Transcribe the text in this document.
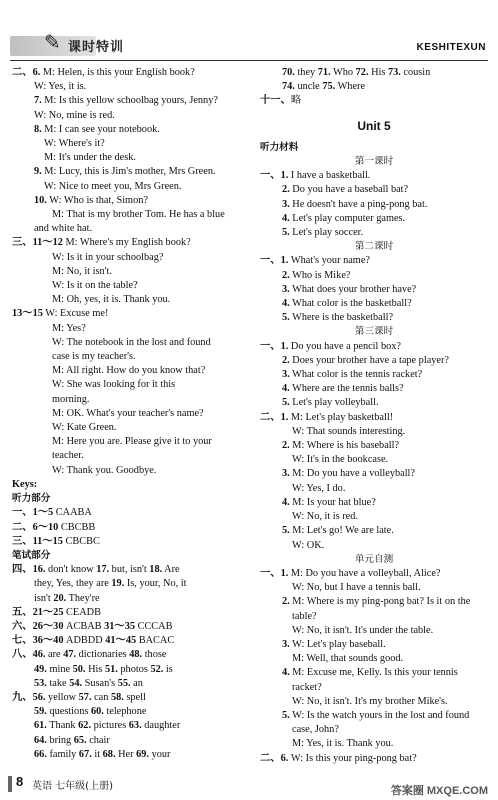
✎ 课时特训	KESHITEXUN
二、6. M: Helen, is this your English book?
W: Yes, it is.
7. M: Is this yellow schoolbag yours, Jenny?
W: No, mine is red.
8. M: I can see your notebook.
W: Where's it?
M: It's under the desk.
9. M: Lucy, this is Jim's mother, Mrs Green.
W: Nice to meet you, Mrs Green.
10. W: Who is that, Simon?
M: That is my brother Tom. He has a blue
and white hat.
三、11～12 M: Where's my English book?
W: Is it in your schoolbag?
M: No, it isn't.
W: Is it on the table?
M: Oh, yes, it is. Thank you.
13～15 W: Excuse me!
M: Yes?
W: The notebook in the lost and found
case is my teacher's.
M: All right. How do you know that?
W: She was looking for it this
morning.
M: OK. What's your teacher's name?
W: Kate Green.
M: Here you are. Please give it to your
teacher.
W: Thank you. Goodbye.
Keys:
听力部分
一、1～5 CAABA
二、6～10 CBCBB
三、11～15 CBCBC
笔试部分
四、16. don't know 17. but, isn't 18. Are
they, Yes, they are 19. Is, your, No, it
isn't 20. They're
五、21～25 CEADB
六、26～30 ACBAB 31～35 CCCAB
七、36～40 ADBDD 41～45 BACAC
八、46. are 47. dictionaries 48. those
49. mine 50. His 51. photos 52. is
53. take 54. Susan's 55. an
九、56. yellow 57. can 58. spell
59. questions 60. telephone
61. Thank 62. pictures 63. daughter
64. bring 65. chair
66. family 67. it 68. Her 69. your
70. they 71. Who 72. His 73. cousin
74. uncle 75. Where
十一、略
Unit 5
听力材料
第一课时
一、1. I have a basketball.
2. Do you have a baseball bat?
3. He doesn't have a ping-pong bat.
4. Let's play computer games.
5. Let's play soccer.
第二课时
一、1. What's your name?
2. Who is Mike?
3. What does your brother have?
4. What color is the basketball?
5. Where is the basketball?
第三课时
一、1. Do you have a pencil box?
2. Does your brother have a tape player?
3. What color is the tennis racket?
4. Where are the tennis balls?
5. Let's play volleyball.
二、1. M: Let's play basketball!
W: That sounds interesting.
2. M: Where is his baseball?
W: It's in the bookcase.
3. M: Do you have a volleyball?
W: Yes, I do.
4. M: Is your hat blue?
W: No, it is red.
5. M: Let's go! We are late.
W: OK.
单元自测
一、1. M: Do you have a volleyball, Alice?
W: No, but I have a tennis ball.
2. M: Where is my ping-pong bat? Is it on the
table?
W: No, it isn't. It's under the table.
3. W: Let's play baseball.
M: Well, that sounds good.
4. M: Excuse me, Kelly. Is this your tennis
racket?
W: No, it isn't. It's my brother Mike's.
5. W: Is the watch yours in the lost and found
case, John?
M: Yes, it is. Thank you.
二、6. W: Is this your ping-pong bat?
8 英语 七年级(上册)	答案圈 MXQE.COM
